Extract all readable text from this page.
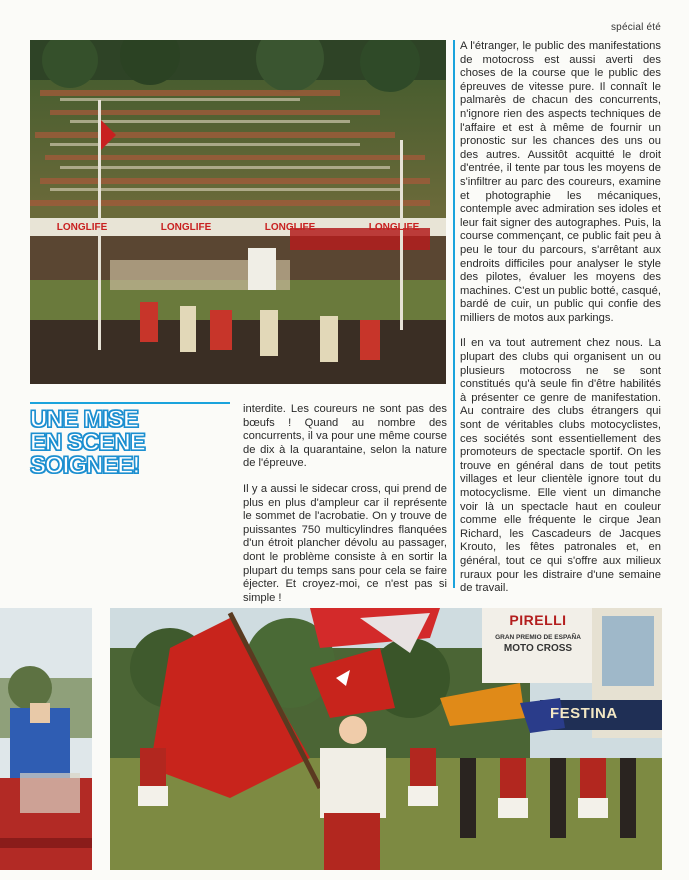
spécial été
LONGLIFE	LONGLIFE	LONGLIFE	LONGLIFE

A l'étranger, le public des manifestations de motocross est aussi averti des choses de la course que le public des épreuves de vitesse pure. Il connaît le palmarès de chacun des concurrents, n'ignore rien des aspects techniques de l'affaire et est à même de fournir un pronostic sur les chances des uns ou des autres. Aussitôt acquitté le droit d'entrée, il tente par tous les moyens de s'infiltrer au parc des coureurs, examine et photographie les mécaniques, contemple avec admiration ses idoles et leur fait signer des autographes. Puis, la course commençant, ce public fait peu à peu le tour du parcours, s'arrêtant aux endroits difficiles pour analyser le style des pilotes, évaluer les moyens des machines. C'est un public botté, casqué, bardé de cuir, un public qui confie des milliers de motos aux parkings.

Il en va tout autrement chez nous. La plupart des clubs qui organisent un ou plusieurs motocross ne se sont constitués qu'à seule fin d'être habilités à présenter ce genre de manifestation. Au contraire des clubs étrangers qui sont de véritables clubs motocyclistes, ces sociétés sont essentiellement des promoteurs de spectacle sportif. On les trouve en général dans de tout petits villages et leur clientèle ignore tout du motocyclisme. Elle vient un dimanche voir là un spectacle haut en couleur comme elle fréquente le cirque Jean Richard, les Cascadeurs de Jacques Krouto, les fêtes patronales et, en général, tout ce qui s'offre aux milieux ruraux pour les distraire d'une semaine de travail.

UNE MISE
EN SCENE
SOIGNEE!

interdite. Les coureurs ne sont pas des bœufs ! Quand au nombre des concurrents, il va pour une même course de dix à la quarantaine, selon la nature de l'épreuve.

Il y a aussi le sidecar cross, qui prend de plus en plus d'ampleur car il représente le sommet de l'acrobatie. On y trouve de puissantes 750 multicylindres flanquées d'un étroit plancher dévolu au passager, dont le problème consiste à en sortir la plupart du temps sans pour cela se faire éjecter. Et croyez-moi, ce n'est pas si simple !

PIRELLI
GRAN PREMIO DE ESPAÑA
MOTO CROSS
FESTINA
